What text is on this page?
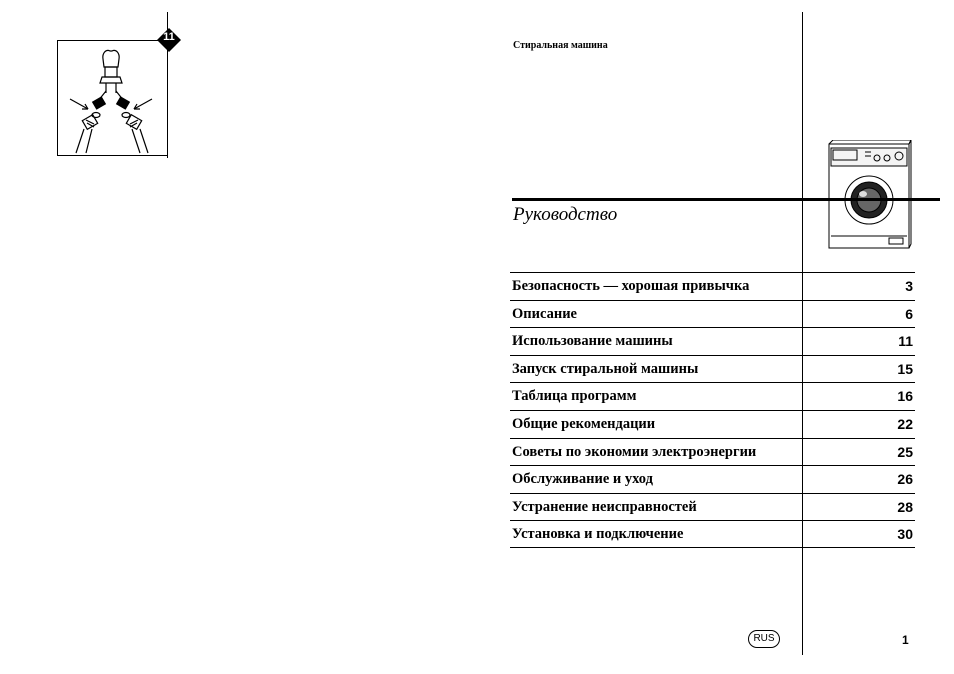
11
Стиральная машина
Руководство
Безопасность — хорошая привычка	3
Описание	6
Использование машины	11
Запуск стиральной машины	15
Таблица программ	16
Общие рекомендации	22
Советы по экономии электроэнергии	25
Обслуживание и уход	26
Устранение неисправностей	28
Установка и подключение	30
RUS	1
